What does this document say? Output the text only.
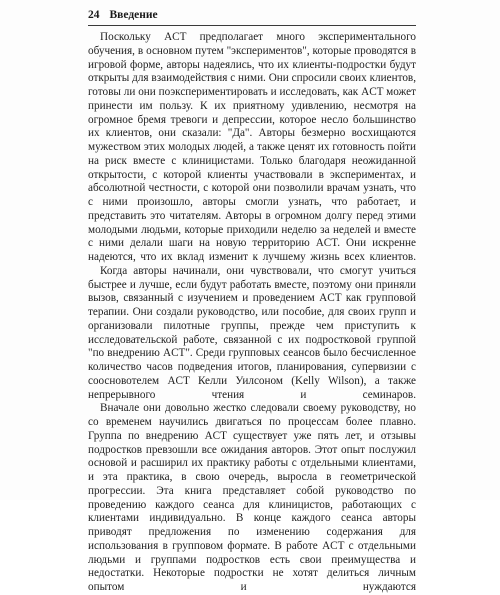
24 Введение

Поскольку ACT предполагает много экспериментального обучения, в основном путем "экспериментов", которые проводятся в игровой форме, авторы надеялись, что их клиенты-подростки будут открыты для взаимодействия с ними. Они спросили своих клиентов, готовы ли они поэкспериментировать и исследовать, как ACT может принести им пользу. К их приятному удивлению, несмотря на огромное бремя тревоги и депрессии, которое несло большинство их клиентов, они сказали: "Да". Авторы безмерно восхищаются мужеством этих молодых людей, а также ценят их готовность пойти на риск вместе с клиницистами. Только благодаря неожиданной открытости, с которой клиенты участвовали в экспериментах, и абсолютной честности, с которой они позволили врачам узнать, что с ними произошло, авторы смогли узнать, что работает, и представить это читателям. Авторы в огромном долгу перед этими молодыми людьми, которые приходили неделю за неделей и вместе с ними делали шаги на новую территорию ACT. Они искренне надеются, что их вклад изменит к лучшему жизнь всех клиентов.

Когда авторы начинали, они чувствовали, что смогут учиться быстрее и лучше, если будут работать вместе, поэтому они приняли вызов, связанный с изучением и проведением ACT как групповой терапии. Они создали руководство, или пособие, для своих групп и организовали пилотные группы, прежде чем приступить к исследовательской работе, связанной с их подростковой группой "по внедрению ACT". Среди групповых сеансов было бесчисленное количество часов подведения итогов, планирования, супервизии с соосновотелем ACT Келли Уилсоном (Kelly Wilson), а также непрерывного чтения и семинаров.

Вначале они довольно жестко следовали своему руководству, но со временем научились двигаться по процессам более плавно. Группа по внедрению ACT существует уже пять лет, и отзывы подростков превзошли все ожидания авторов. Этот опыт послужил основой и расширил их практику работы с отдельными клиентами, и эта практика, в свою очередь, выросла в геометрической прогрессии. Эта книга представляет собой руководство по проведению каждого сеанса для клиницистов, работающих с клиентами индивидуально. В конце каждого сеанса авторы приводят предложения по изменению содержания для использования в групповом формате. В работе ACT с отдельными людьми и группами подростков есть свои преимущества и недостатки. Некоторые подростки не хотят делиться личным опытом и нуждаются
